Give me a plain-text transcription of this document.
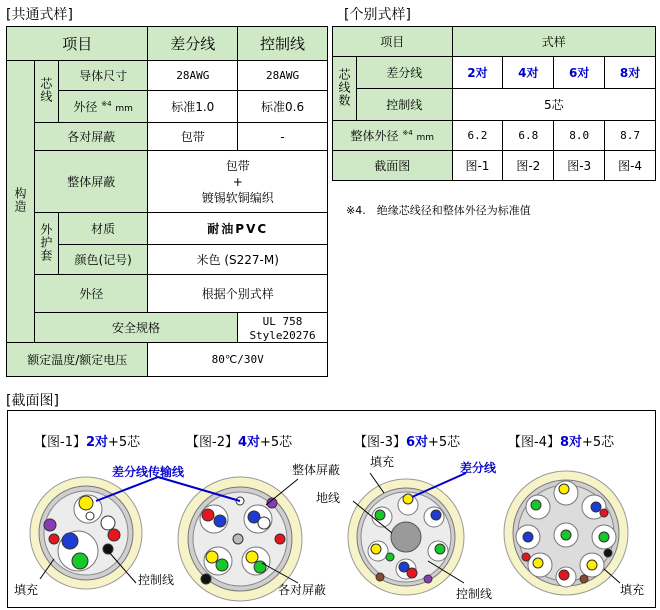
[共通式样]
项目			差分线	控制线
构造	芯线	导体尺寸	28AWG	28AWG
		外径 $^{※4}$ mm	标准1.0	标准0.6
	各对屏蔽		包带	-
	整体屏蔽		包带
+
镀锡软铜编织	

	外护套	材质	耐油PVC	
		颜色(记号)	米色 (S227-M)	
	外径		根据个别式样	
	安全规格			UL 758　Style20276
额定温度/额定电压			80℃/30V	
[个别式样]
项目		式样			
芯线数	差分线	2对	4对	6对	8对
	控制线	5芯			
整体外径 $^{※4}$ mm		6.2	6.8	8.0	8.7
截面图		图-1	图-2	图-3	图-4
※4.　绝缘芯线径和整体外径为标准值
[截面图]
【图-1】2对+5芯	【图-2】4对+5芯	【图-3】6对+5芯	【图-4】8对+5芯
差分线传输线	整体屏蔽
填充	差分线
地线
填充
控制线
各对屏蔽	控制线	填充
